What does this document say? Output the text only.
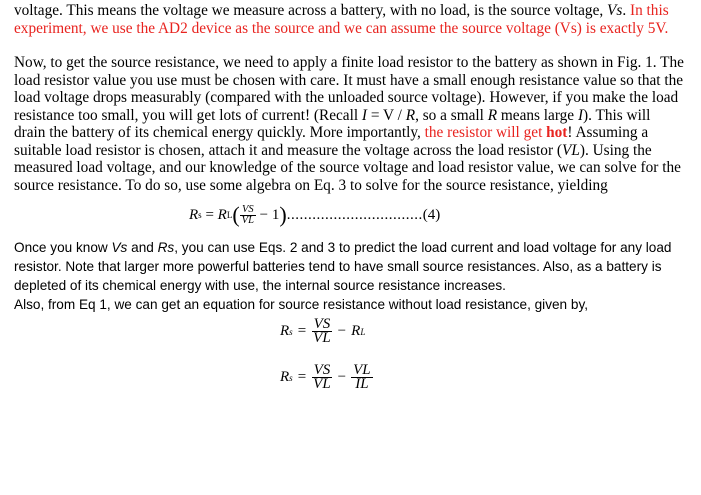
voltage. This means the voltage we measure across a battery, with no load, is the source voltage, Vs. In this experiment, we use the AD2 device as the source and we can assume the source voltage (Vs) is exactly 5V.

Now, to get the source resistance, we need to apply a finite load resistor to the battery as shown in Fig. 1. The load resistor value you use must be chosen with care. It must have a small enough resistance value so that the load voltage drops measurably (compared with the unloaded source voltage). However, if you make the load resistance too small, you will get lots of current! (Recall I = V / R, so a small R means large I). This will drain the battery of its chemical energy quickly. More importantly, the resistor will get hot! Assuming a suitable load resistor is chosen, attach it and measure the voltage across the load resistor (VL). Using the measured load voltage, and our knowledge of the source voltage and load resistor value, we can solve for the source resistance. To do so, use some algebra on Eq. 3 to solve for the source resistance, yielding

R s = R L ( $\frac{VS}{VL} - 1$ ) ................................ (4)

Once you know Vs and Rs, you can use Eqs. 2 and 3 to predict the load current and load voltage for any load resistor. Note that larger more powerful batteries tend to have small source resistances. Also, as a battery is depleted of its chemical energy with use, the internal source resistance increases.

Also, from Eq 1, we can get an equation for source resistance without load resistance, given by,

R $s = \frac{VS}{VL} - R$ L
R $s = \frac{VS}{VL} - \frac{VL}{IL}$
